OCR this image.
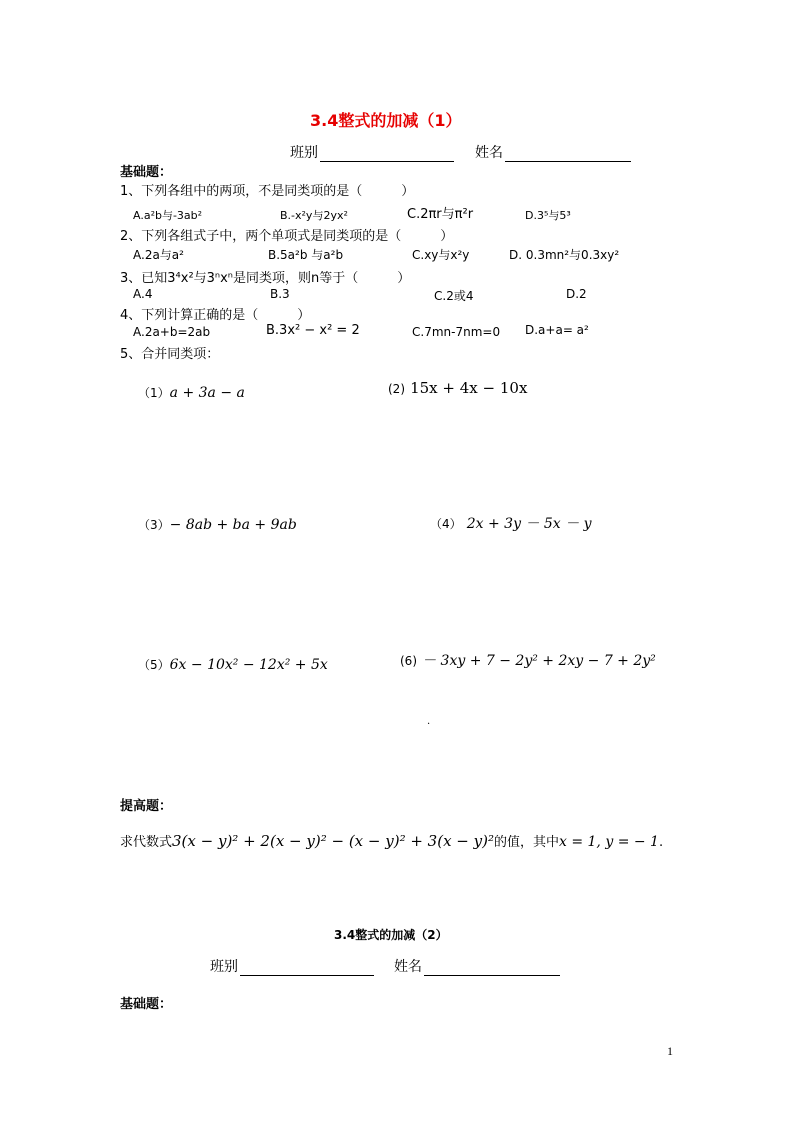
3.4整式的加减（1）
班别	姓名
基础题：
1、下列各组中的两项，不是同类项的是（　　　）
A.a²b与-3ab²	B.-x²y与2yx²	C.2πr与π²r	D.3⁵与5³
2、下列各组式子中，两个单项式是同类项的是（　　　）
A.2a与a²	B.5a²b 与a²b	C.xy与x²y	D. 0.3mn²与0.3xy²
3、已知3⁴x²与3ⁿxⁿ是同类项，则n等于（　　　）
A.4	B.3	C.2或4	D.2
4、下列计算正确的是（　　　）
A.2a+b=2ab	B.3x² − x² = 2	C.7mn-7nm=0 D.a+a= a²
5、合并同类项：
（1）a + 3a − a	(2) 15x + 4x − 10x
（3）− 8ab + ba + 9ab	（4） 2x + 3y － 5x － y
（5）6x − 10x² − 12x² + 5x	(6) － 3xy + 7 − 2y² + 2xy − 7 + 2y²
.
提高题：
求代数式3(x − y)² + 2(x − y)² − (x − y)² + 3(x − y)²的值，其中x = 1, y = − 1.
3.4整式的加减（2）
班别	姓名
基础题：
1
